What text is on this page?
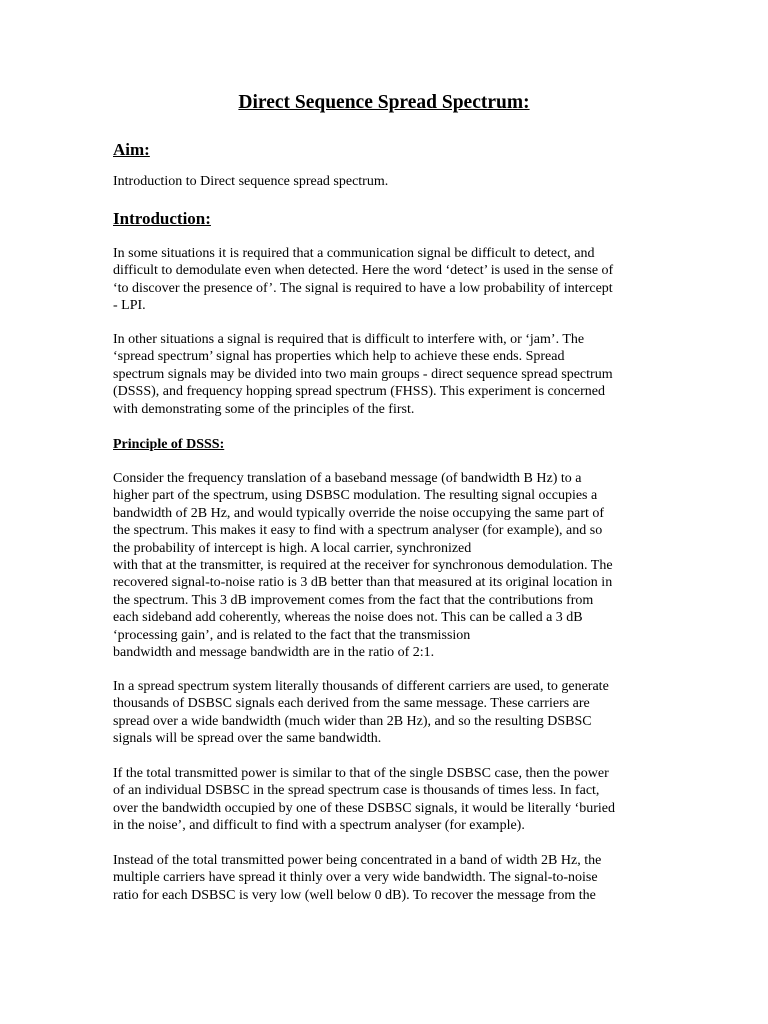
Direct Sequence Spread Spectrum:
Aim:
Introduction to Direct sequence spread spectrum.
Introduction:
In some situations it is required that a communication signal be difficult to detect, and
difficult to demodulate even when detected. Here the word ‘detect’ is used in the sense of
‘to discover the presence of’. The signal is required to have a low probability of intercept
- LPI.
In other situations a signal is required that is difficult to interfere with, or ‘jam’. The
‘spread spectrum’ signal has properties which help to achieve these ends. Spread
spectrum signals may be divided into two main groups - direct sequence spread spectrum
(DSSS), and frequency hopping spread spectrum (FHSS). This experiment is concerned
with demonstrating some of the principles of the first.
Principle of DSSS:
Consider the frequency translation of a baseband message (of bandwidth B Hz) to a
higher part of the spectrum, using DSBSC modulation. The resulting signal occupies a
bandwidth of 2B Hz, and would typically override the noise occupying the same part of
the spectrum. This makes it easy to find with a spectrum analyser (for example), and so
the probability of intercept is high. A local carrier, synchronized
with that at the transmitter, is required at the receiver for synchronous demodulation. The
recovered signal-to-noise ratio is 3 dB better than that measured at its original location in
the spectrum. This 3 dB improvement comes from the fact that the contributions from
each sideband add coherently, whereas the noise does not. This can be called a 3 dB
‘processing gain’, and is related to the fact that the transmission
bandwidth and message bandwidth are in the ratio of 2:1.
In a spread spectrum system literally thousands of different carriers are used, to generate
thousands of DSBSC signals each derived from the same message. These carriers are
spread over a wide bandwidth (much wider than 2B Hz), and so the resulting DSBSC
signals will be spread over the same bandwidth.
If the total transmitted power is similar to that of the single DSBSC case, then the power
of an individual DSBSC in the spread spectrum case is thousands of times less. In fact,
over the bandwidth occupied by one of these DSBSC signals, it would be literally ‘buried
in the noise’, and difficult to find with a spectrum analyser (for example).
Instead of the total transmitted power being concentrated in a band of width 2B Hz, the
multiple carriers have spread it thinly over a very wide bandwidth. The signal-to-noise
ratio for each DSBSC is very low (well below 0 dB). To recover the message from the
